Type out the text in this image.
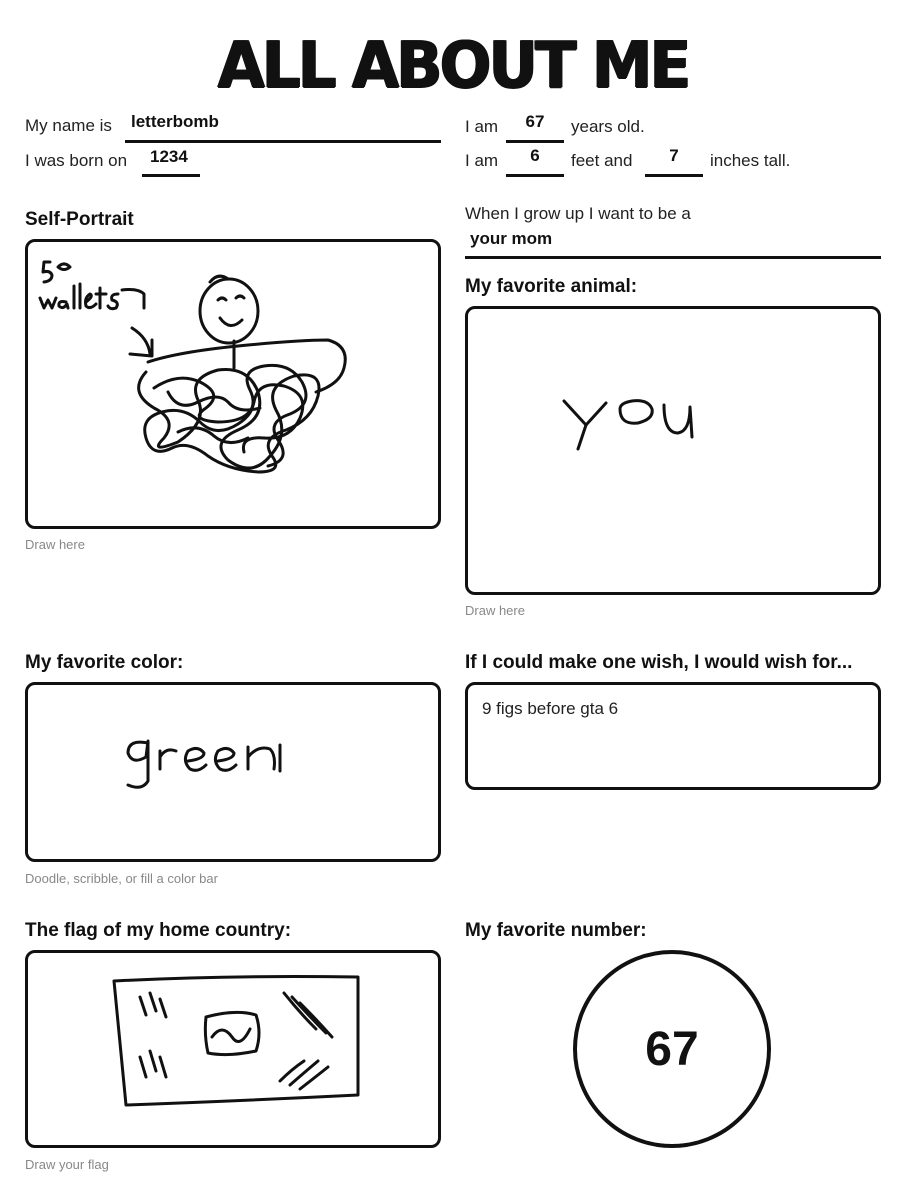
ALL ABOUT ME
My name is letterbomb
I was born on 1234
I am	67	years old.
I am	6	feet and	7	inches tall.
Self-Portrait
Draw here
When I grow up I want to be a
your mom
My favorite animal:
Draw here
My favorite color:
Doodle, scribble, or fill a color bar
If I could make one wish, I would wish for...
9 figs before gta 6
The flag of my home country:
Draw your flag
My favorite number:
67
